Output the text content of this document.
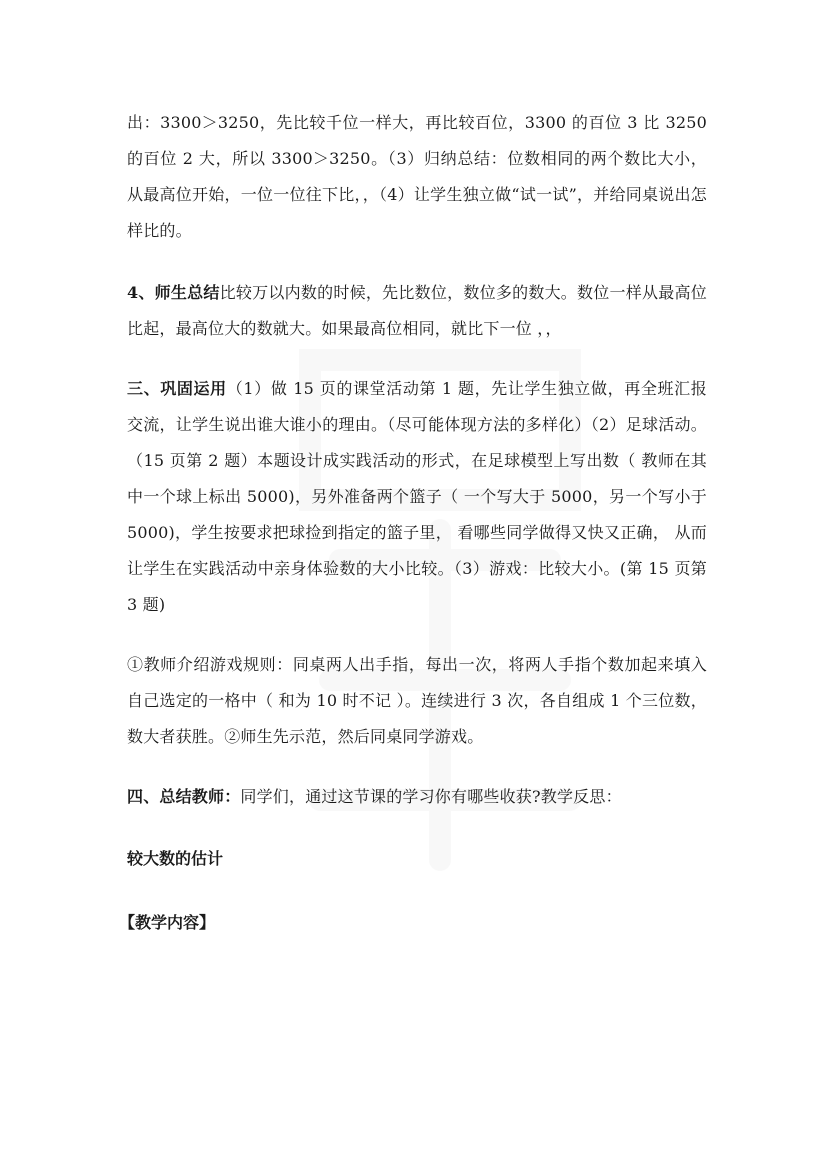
出：3300＞3250，先比较千位一样大，再比较百位，3300 的百位 3 比 3250 的百位 2 大，所以 3300＞3250。（3）归纳总结：位数相同的两个数比大小，从最高位开始，一位一位往下比，，（4）让学生独立做“试一试”，并给同桌说出怎样比的。

4、师生总结比较万以内数的时候，先比数位，数位多的数大。数位一样从最高位比起，最高位大的数就大。如果最高位相同，就比下一位 ，，

三、巩固运用（1）做 15 页的课堂活动第 1 题，先让学生独立做，再全班汇报交流，让学生说出谁大谁小的理由。（尽可能体现方法的多样化）（2）足球活动。（15 页第 2 题）本题设计成实践活动的形式，在足球模型上写出数（ 教师在其中一个球上标出 5000)，另外准备两个篮子（ 一个写大于 5000，另一个写小于 5000)，学生按要求把球捡到指定的篮子里， 看哪些同学做得又快又正确， 从而让学生在实践活动中亲身体验数的大小比较。（3）游戏：比较大小。(第 15 页第 3 题)

①教师介绍游戏规则：同桌两人出手指，每出一次，将两人手指个数加起来填入自己选定的一格中（ 和为 10 时不记 ）。连续进行 3 次，各自组成 1 个三位数，数大者获胜。②师生先示范，然后同桌同学游戏。

四、总结教师：同学们，通过这节课的学习你有哪些收获?教学反思：

较大数的估计

【教学内容】
